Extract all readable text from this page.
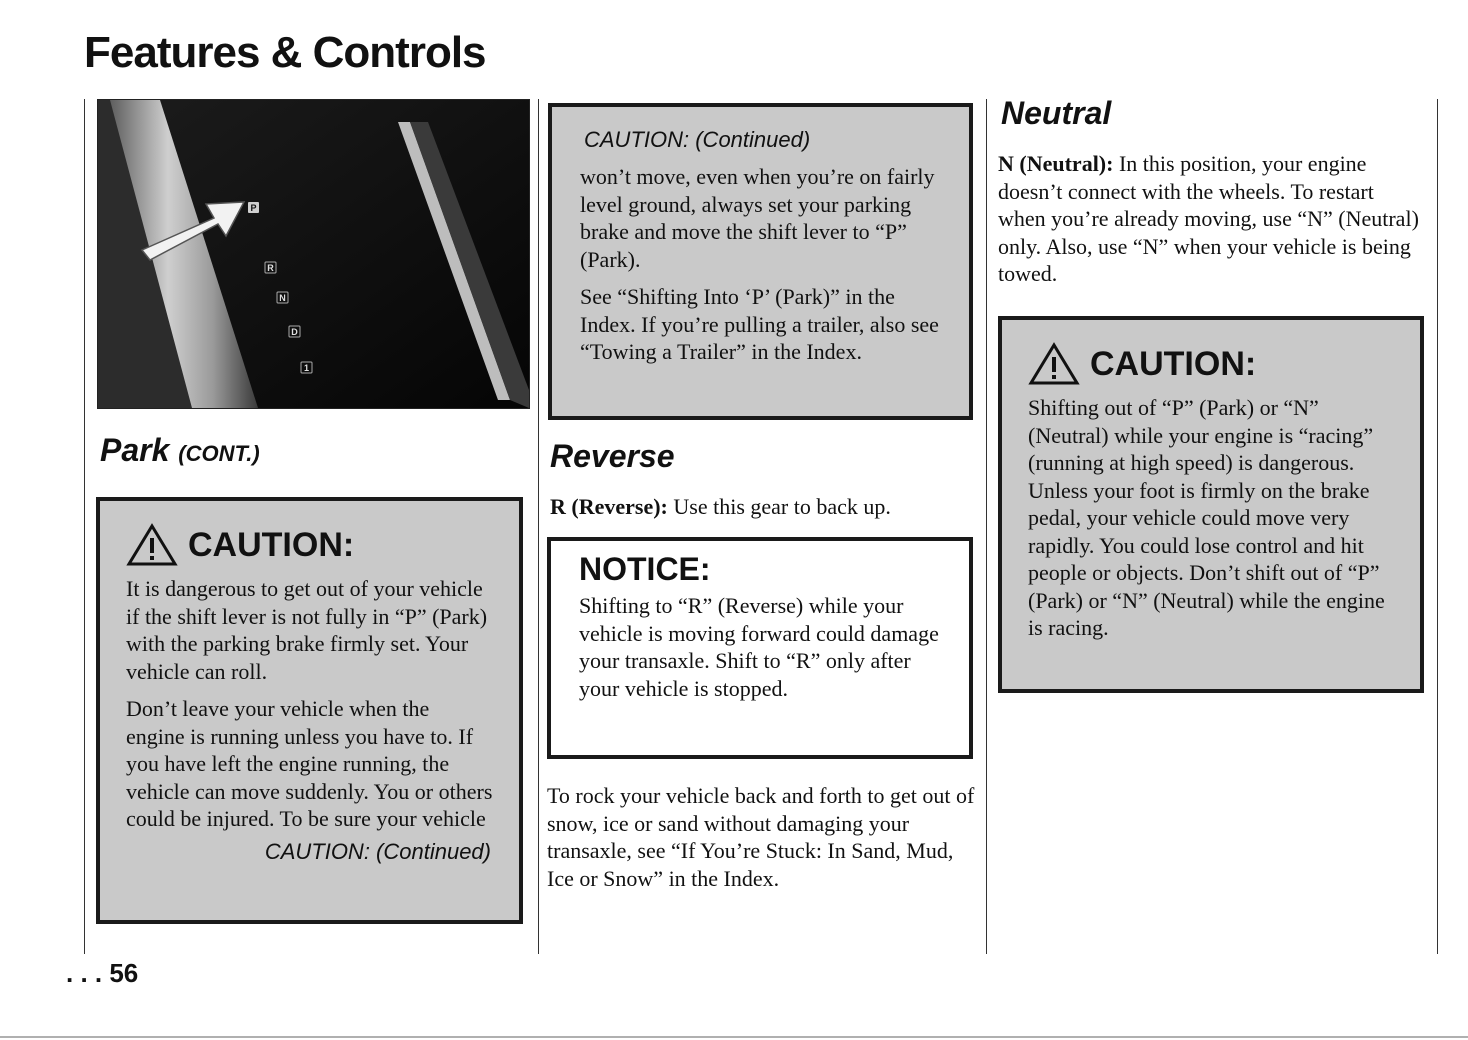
Features & Controls
P
R
N
D
1
Park (CONT.)
CAUTION:

It is dangerous to get out of your vehicle if the shift lever is not fully in “P” (Park) with the parking brake firmly set. Your vehicle can roll.

Don’t leave your vehicle when the engine is running unless you have to. If you have left the engine running, the vehicle can move suddenly. You or others could be injured. To be sure your vehicle

CAUTION: (Continued)
. . . 56
CAUTION: (Continued)

won’t move, even when you’re on fairly level ground, always set your parking brake and move the shift lever to “P” (Park).

See “Shifting Into ‘P’ (Park)” in the Index. If you’re pulling a trailer, also see “Towing a Trailer” in the Index.

Reverse

R (Reverse): Use this gear to back up.

NOTICE:

Shifting to “R” (Reverse) while your vehicle is moving forward could damage your transaxle. Shift to “R” only after your vehicle is stopped.

To rock your vehicle back and forth to get out of snow, ice or sand without damaging your transaxle, see “If You’re Stuck: In Sand, Mud, Ice or Snow” in the Index.

Neutral

N (Neutral): In this position, your engine doesn’t connect with the wheels. To restart when you’re already moving, use “N” (Neutral) only. Also, use “N” when your vehicle is being towed.

CAUTION:

Shifting out of “P” (Park) or “N” (Neutral) while your engine is “racing” (running at high speed) is dangerous. Unless your foot is firmly on the brake pedal, your vehicle could move very rapidly. You could lose control and hit people or objects. Don’t shift out of “P” (Park) or “N” (Neutral) while the engine is racing.
